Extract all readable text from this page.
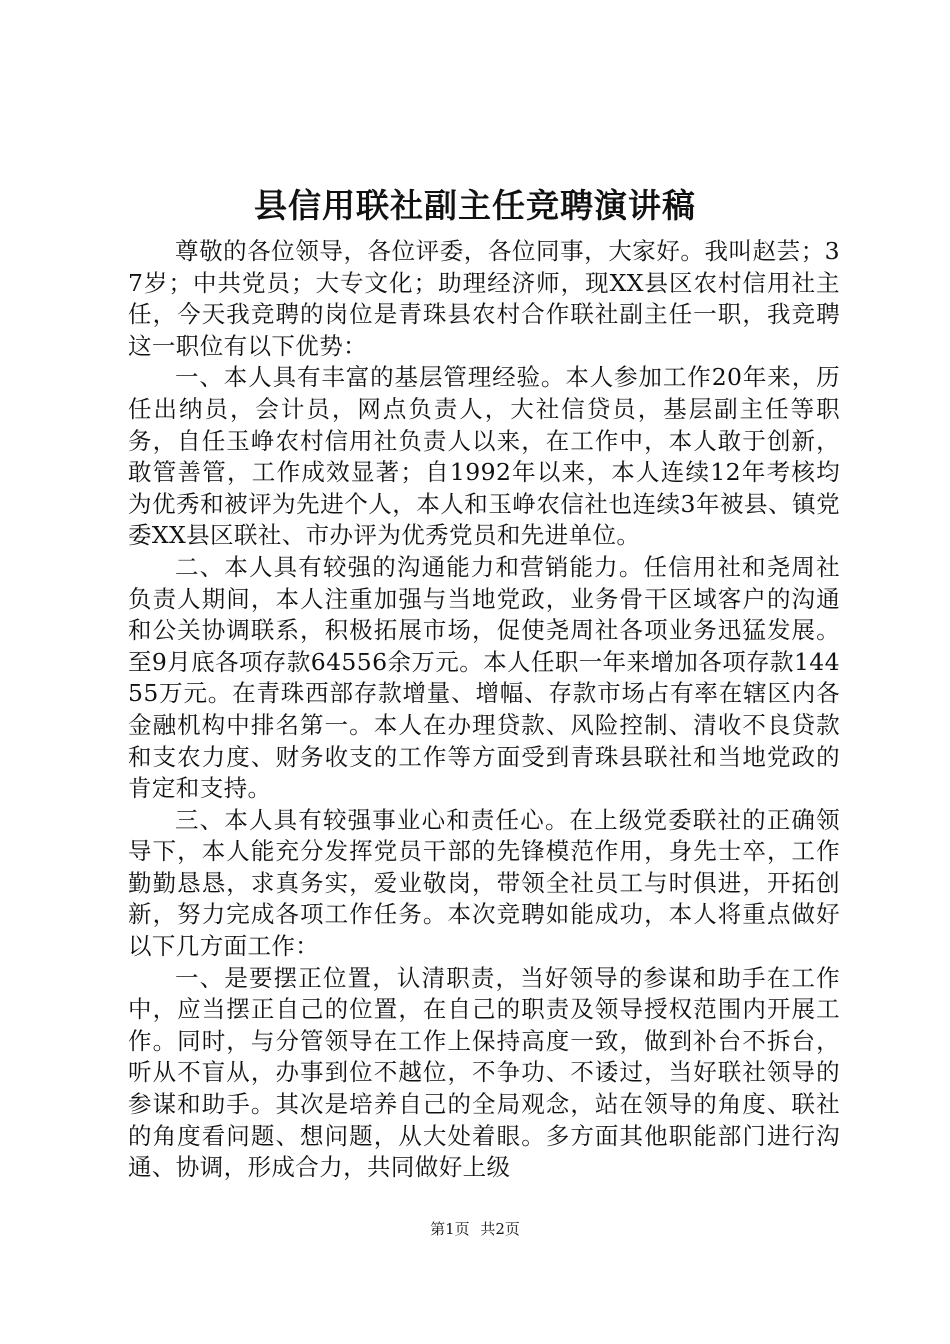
县信用联社副主任竞聘演讲稿

尊敬的各位领导，各位评委，各位同事，大家好。我叫赵芸；37岁；中共党员；大专文化；助理经济师，现XX县区农村信用社主任，今天我竞聘的岗位是青珠县农村合作联社副主任一职，我竞聘这一职位有以下优势：

一、本人具有丰富的基层管理经验。本人参加工作20年来，历任出纳员，会计员，网点负责人，大社信贷员，基层副主任等职务，自任玉峥农村信用社负责人以来，在工作中，本人敢于创新，敢管善管，工作成效显著；自1992年以来，本人连续12年考核均为优秀和被评为先进个人，本人和玉峥农信社也连续3年被县、镇党委XX县区联社、市办评为优秀党员和先进单位。

二、本人具有较强的沟通能力和营销能力。任信用社和尧周社负责人期间，本人注重加强与当地党政，业务骨干区域客户的沟通和公关协调联系，积极拓展市场，促使尧周社各项业务迅猛发展。至9月底各项存款64556余万元。本人任职一年来增加各项存款14455万元。在青珠西部存款增量、增幅、存款市场占有率在辖区内各金融机构中排名第一。本人在办理贷款、风险控制、清收不良贷款和支农力度、财务收支的工作等方面受到青珠县联社和当地党政的肯定和支持。

三、本人具有较强事业心和责任心。在上级党委联社的正确领导下，本人能充分发挥党员干部的先锋模范作用，身先士卒，工作勤勤恳恳，求真务实，爱业敬岗，带领全社员工与时俱进，开拓创新，努力完成各项工作任务。本次竞聘如能成功，本人将重点做好以下几方面工作：

一、是要摆正位置，认清职责，当好领导的参谋和助手在工作中，应当摆正自己的位置，在自己的职责及领导授权范围内开展工作。同时，与分管领导在工作上保持高度一致，做到补台不拆台，听从不盲从，办事到位不越位，不争功、不诿过，当好联社领导的参谋和助手。其次是培养自己的全局观念，站在领导的角度、联社的角度看问题、想问题，从大处着眼。多方面其他职能部门进行沟通、协调，形成合力，共同做好上级

第1页 共2页
